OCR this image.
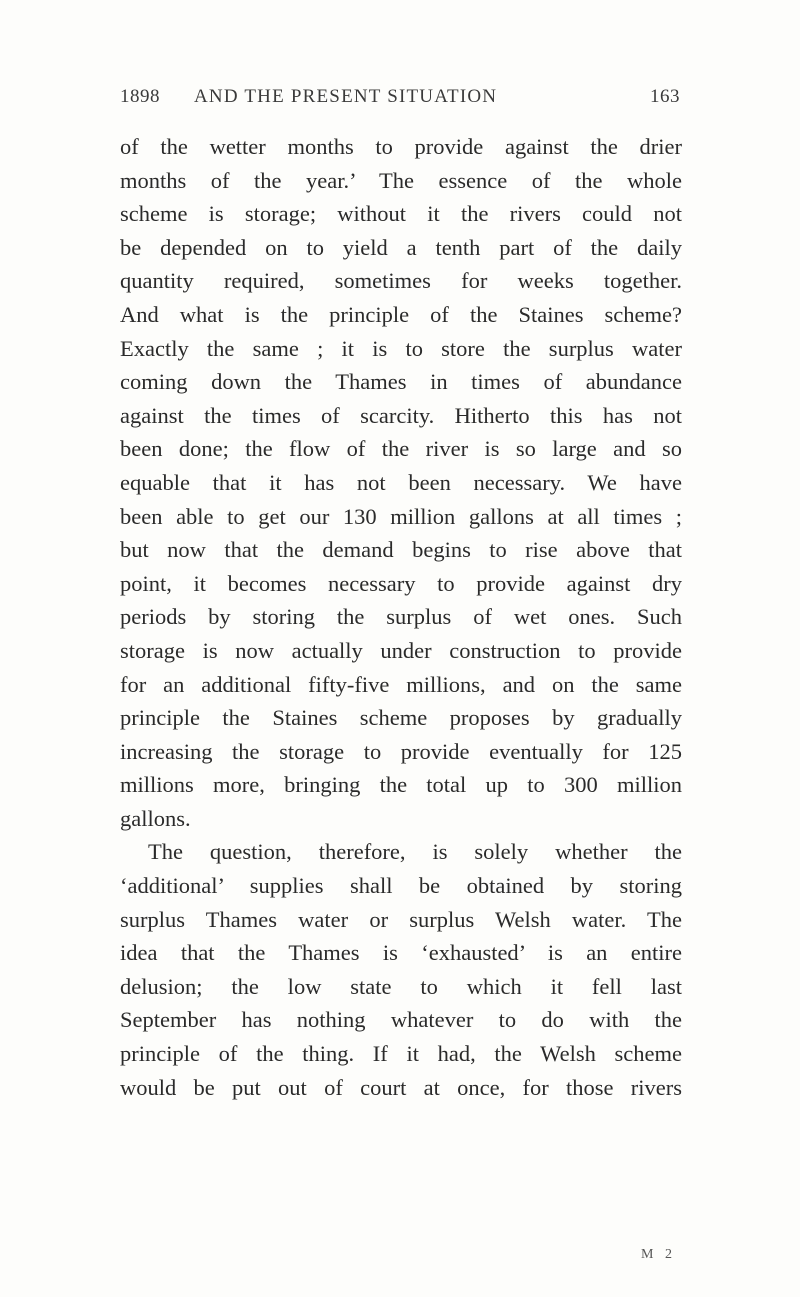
1898 AND THE PRESENT SITUATION	163
of the wetter months to provide against the drier
months of the year.’ The essence of the whole
scheme is storage; without it the rivers could not
be depended on to yield a tenth part of the daily
quantity required, sometimes for weeks together.
And what is the principle of the Staines scheme?
Exactly the same ; it is to store the surplus water
coming down the Thames in times of abundance
against the times of scarcity. Hitherto this has not
been done; the flow of the river is so large and so
equable that it has not been necessary. We have
been able to get our 130 million gallons at all times ;
but now that the demand begins to rise above that
point, it becomes necessary to provide against dry
periods by storing the surplus of wet ones. Such
storage is now actually under construction to provide
for an additional fifty-five millions, and on the same
principle the Staines scheme proposes by gradually
increasing the storage to provide eventually for 125
millions more, bringing the total up to 300 million
gallons.
The question, therefore, is solely whether the
‘additional’ supplies shall be obtained by storing
surplus Thames water or surplus Welsh water. The
idea that the Thames is ‘exhausted’ is an entire
delusion; the low state to which it fell last
September has nothing whatever to do with the
principle of the thing. If it had, the Welsh scheme
would be put out of court at once, for those rivers
M 2
